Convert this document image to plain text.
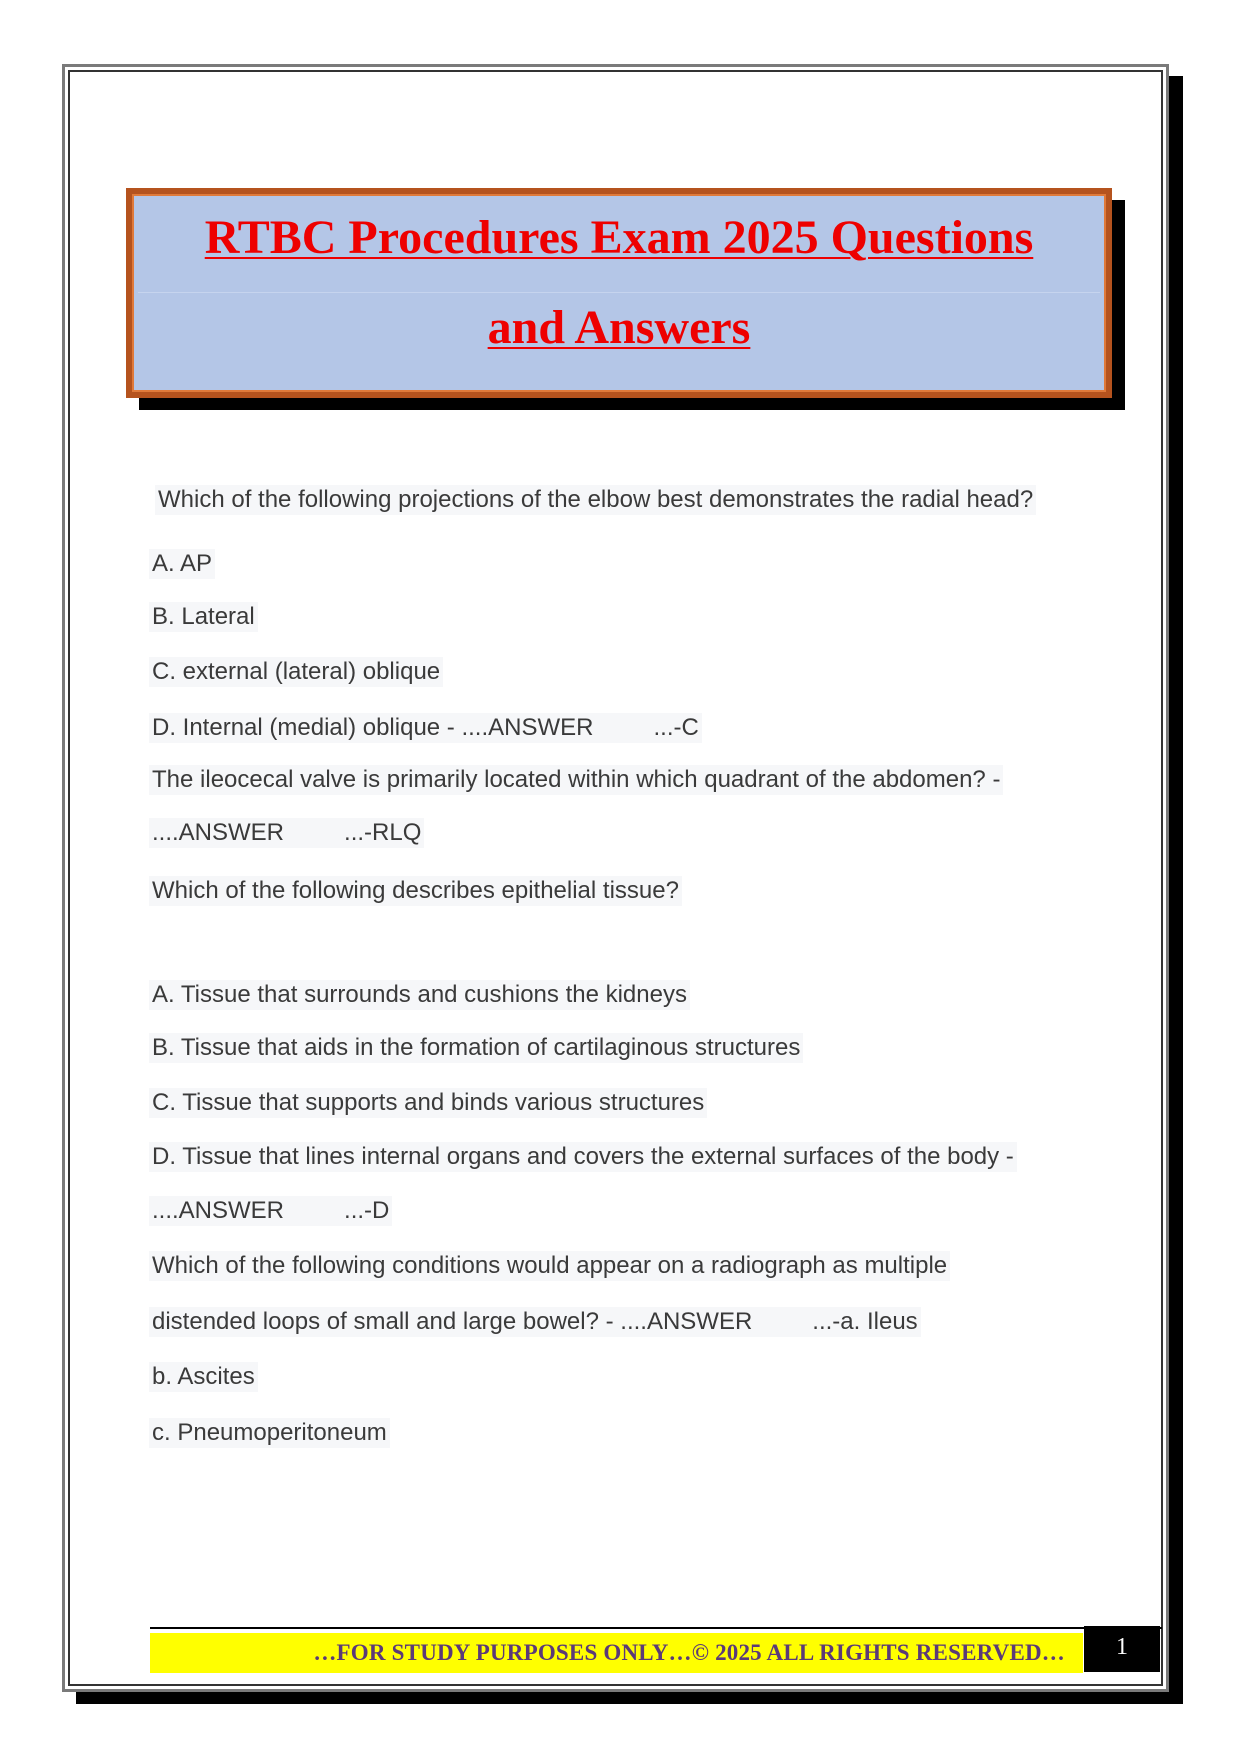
RTBC Procedures Exam 2025 Questions
and Answers
Which of the following projections of the elbow best demonstrates the radial head?
A. AP
B. Lateral
C. external (lateral) oblique
D. Internal (medial) oblique - ....ANSWER         ...-C
The ileocecal valve is primarily located within which quadrant of the abdomen? -
....ANSWER         ...-RLQ
Which of the following describes epithelial tissue?
A. Tissue that surrounds and cushions the kidneys
B. Tissue that aids in the formation of cartilaginous structures
C. Tissue that supports and binds various structures
D. Tissue that lines internal organs and covers the external surfaces of the body -
....ANSWER         ...-D
Which of the following conditions would appear on a radiograph as multiple
distended loops of small and large bowel? - ....ANSWER         ...-a. Ileus
b. Ascites
c. Pneumoperitoneum
…FOR STUDY PURPOSES ONLY…© 2025 ALL RIGHTS RESERVED…	1
